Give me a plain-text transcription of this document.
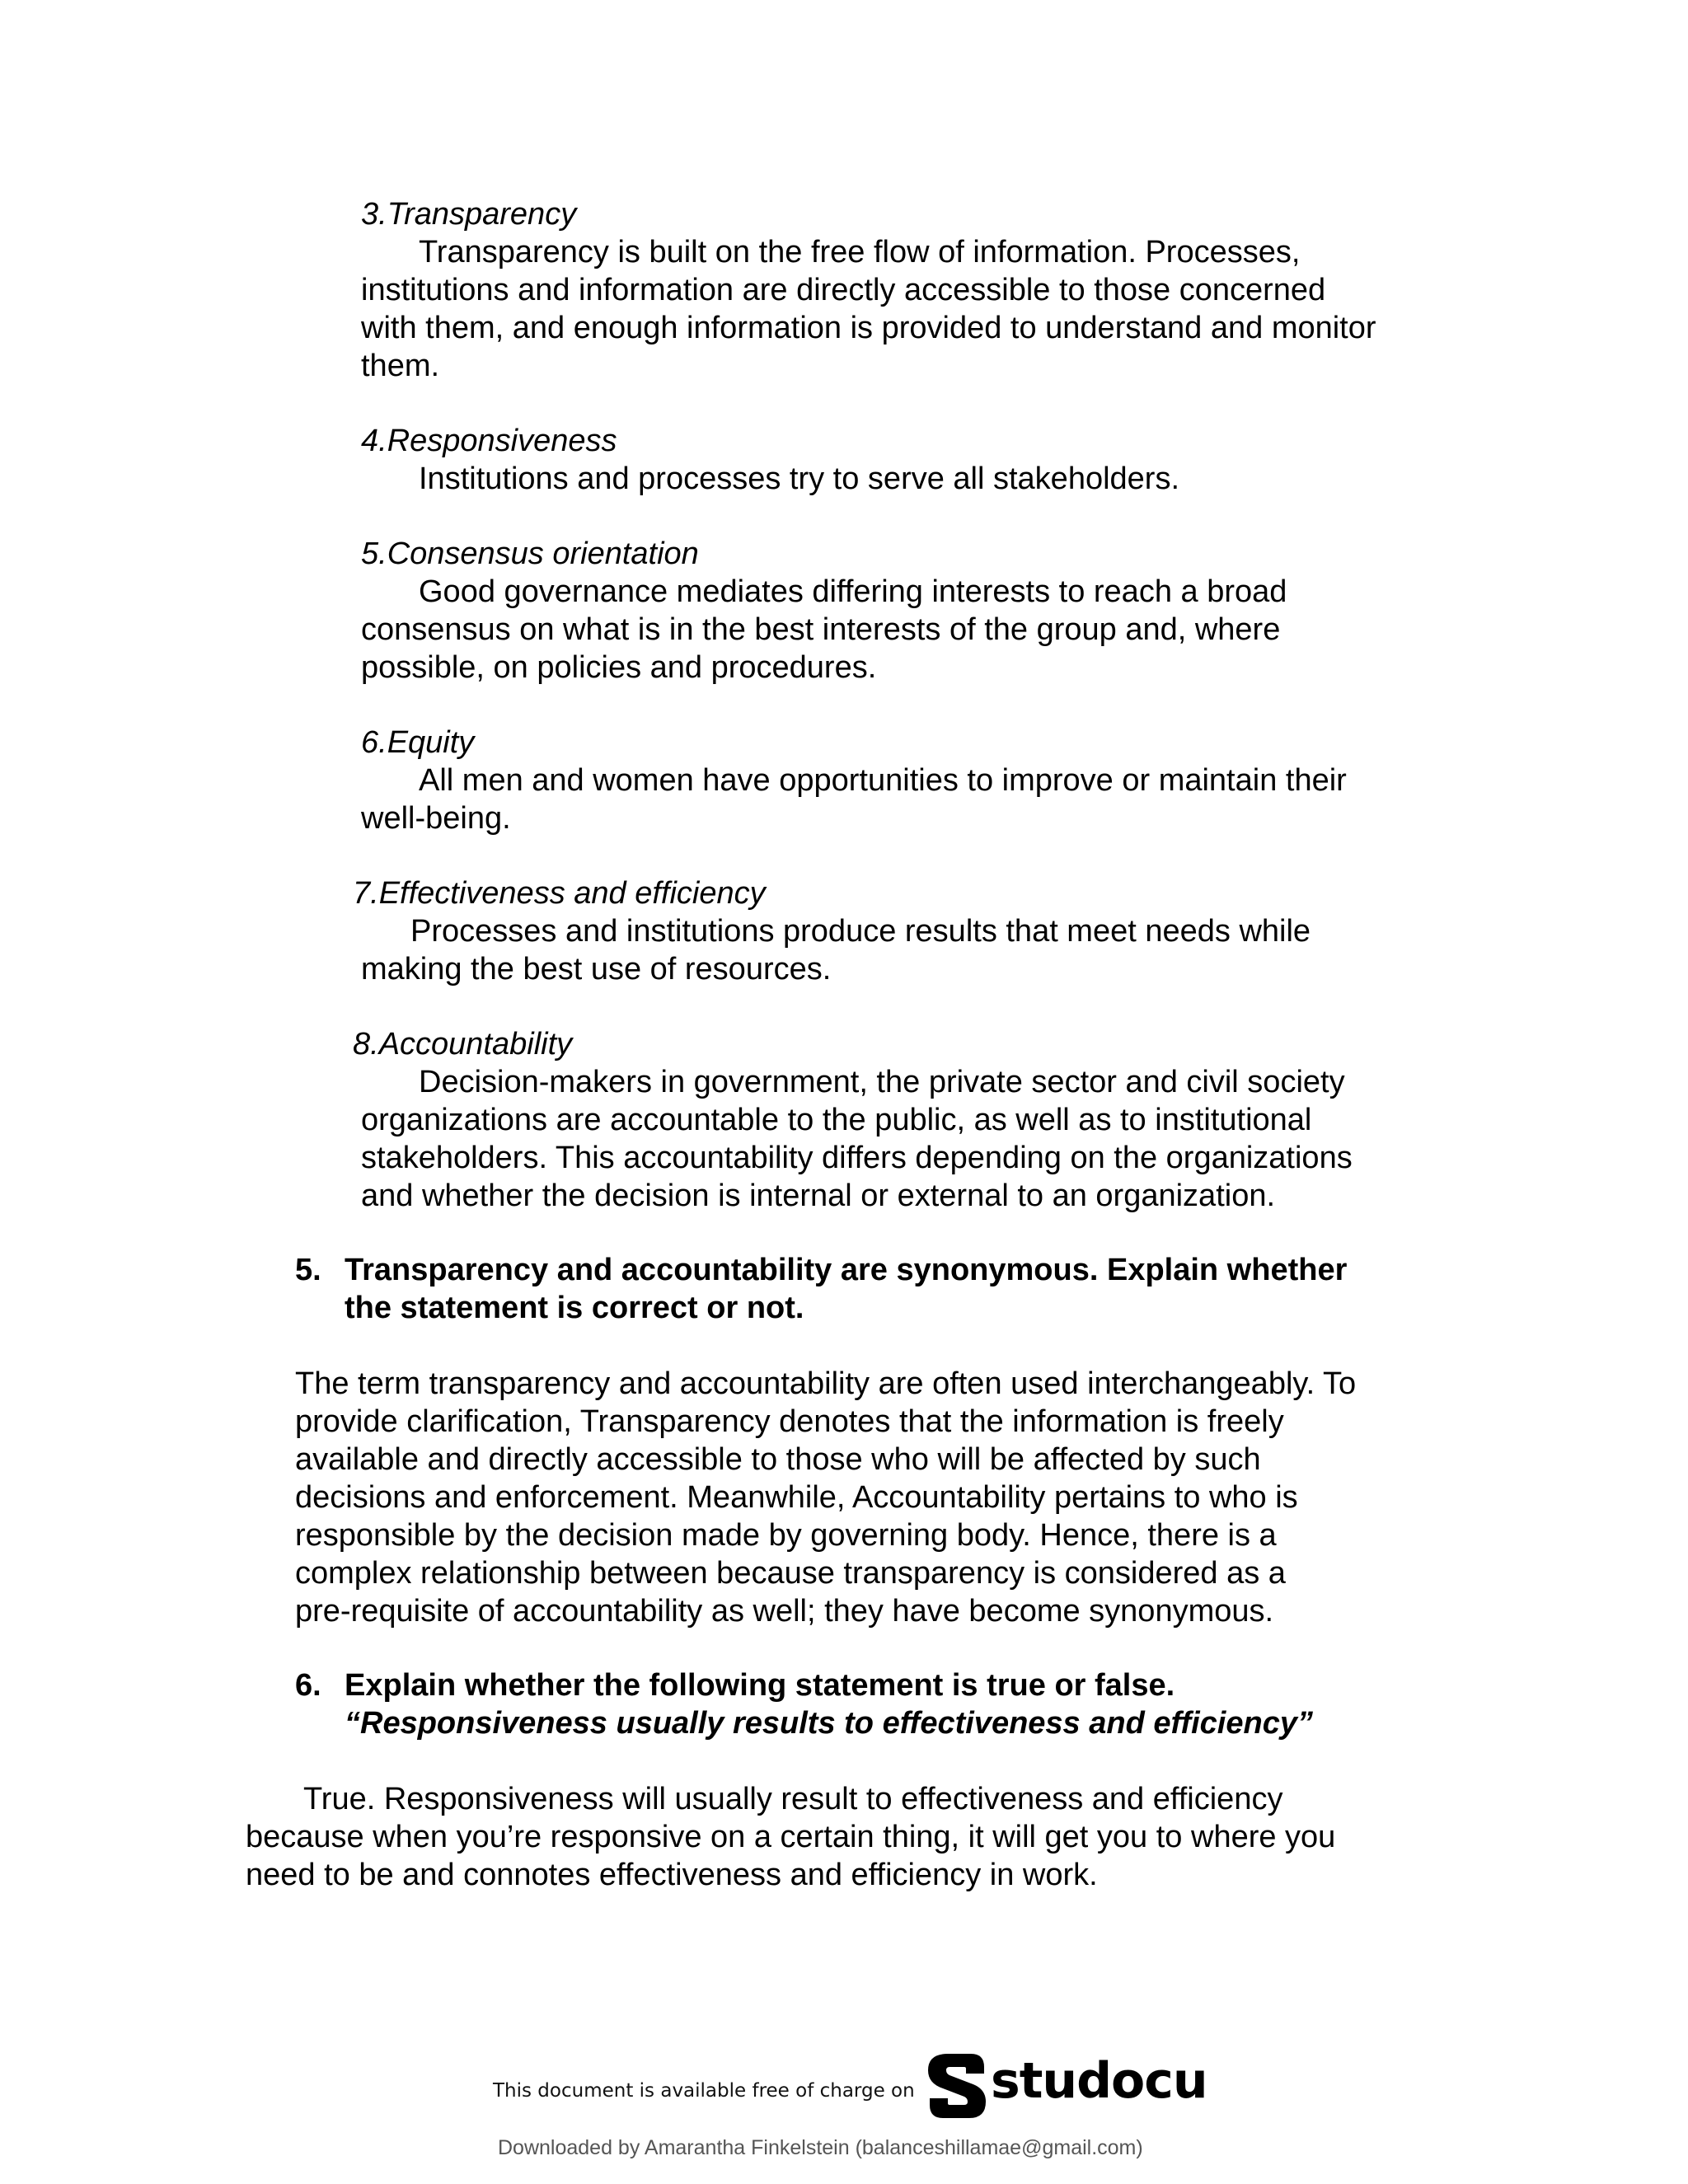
3.Transparency
Transparency is built on the free flow of information. Processes,
institutions and information are directly accessible to those concerned
with them, and enough information is provided to understand and monitor
them.
4.Responsiveness
Institutions and processes try to serve all stakeholders.
5.Consensus orientation
Good governance mediates differing interests to reach a broad
consensus on what is in the best interests of the group and, where
possible, on policies and procedures.
6.Equity
All men and women have opportunities to improve or maintain their
well-being.
7.Effectiveness and efficiency
Processes and institutions produce results that meet needs while
making the best use of resources.
8.Accountability
Decision-makers in government, the private sector and civil society
organizations are accountable to the public, as well as to institutional
stakeholders. This accountability differs depending on the organizations
and whether the decision is internal or external to an organization.
5. Transparency and accountability are synonymous. Explain whether
the statement is correct or not.
The term transparency and accountability are often used interchangeably. To
provide clarification, Transparency denotes that the information is freely
available and directly accessible to those who will be affected by such
decisions and enforcement. Meanwhile, Accountability pertains to who is
responsible by the decision made by governing body. Hence, there is a
complex relationship between because transparency is considered as a
pre-requisite of accountability as well; they have become synonymous.
6. Explain whether the following statement is true or false.
“Responsiveness usually results to effectiveness and efficiency”
True. Responsiveness will usually result to effectiveness and efficiency
because when you’re responsive on a certain thing, it will get you to where you
need to be and connotes effectiveness and efficiency in work.
This document is available free of charge on studocu
Downloaded by Amarantha Finkelstein (balanceshillamae@gmail.com)
